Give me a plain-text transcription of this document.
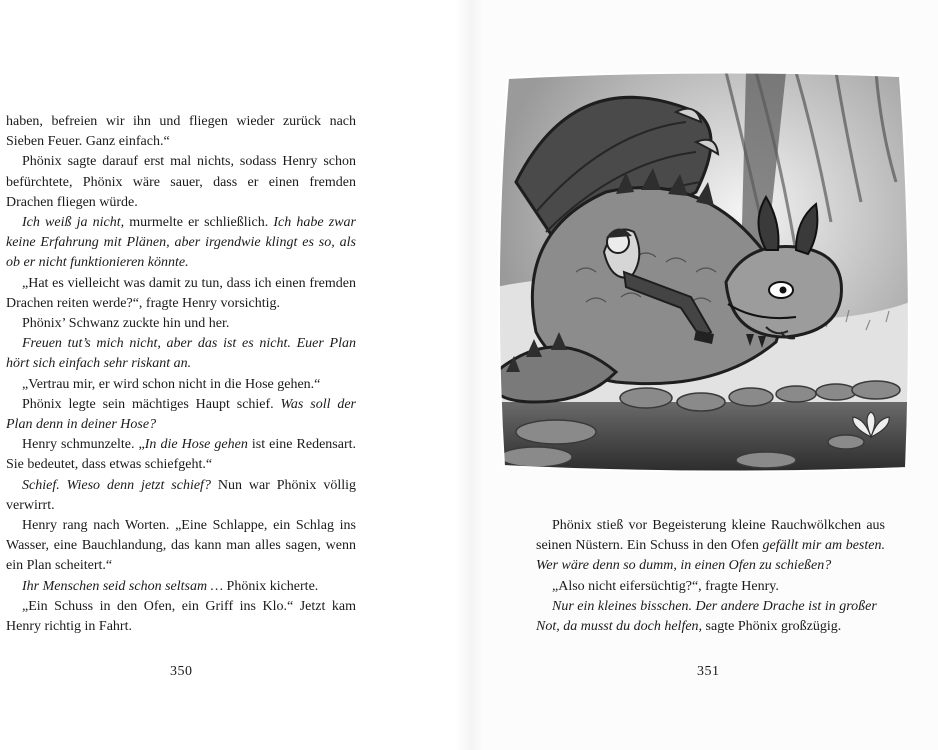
haben, befreien wir ihn und fliegen wieder zurück nach Sieben Feuer. Ganz einfach.“

Phönix sagte darauf erst mal nichts, sodass Henry schon befürchtete, Phönix wäre sauer, dass er einen fremden Drachen fliegen würde.

Ich weiß ja nicht, murmelte er schließlich. Ich habe zwar keine Erfahrung mit Plänen, aber irgendwie klingt es so, als ob er nicht funktionieren könnte.

„Hat es vielleicht was damit zu tun, dass ich einen fremden Drachen reiten werde?“, fragte Henry vorsichtig.

Phönix’ Schwanz zuckte hin und her.

Freuen tut’s mich nicht, aber das ist es nicht. Euer Plan hört sich einfach sehr riskant an.

„Vertrau mir, er wird schon nicht in die Hose gehen.“

Phönix legte sein mächtiges Haupt schief. Was soll der Plan denn in deiner Hose?

Henry schmunzelte. „In die Hose gehen ist eine Redensart. Sie bedeutet, dass etwas schiefgeht.“

Schief. Wieso denn jetzt schief? Nun war Phönix völlig verwirrt.

Henry rang nach Worten. „Eine Schlappe, ein Schlag ins Wasser, eine Bauchlandung, das kann man alles sagen, wenn ein Plan scheitert.“

Ihr Menschen seid schon seltsam … Phönix kicherte.

„Ein Schuss in den Ofen, ein Griff ins Klo.“ Jetzt kam Henry richtig in Fahrt.

350

Phönix stieß vor Begeisterung kleine Rauchwölkchen aus seinen Nüstern. Ein Schuss in den Ofen gefällt mir am besten. Wer wäre denn so dumm, in einen Ofen zu schießen?

„Also nicht eifersüchtig?“, fragte Henry.

Nur ein kleines bisschen. Der andere Drache ist in großer Not, da musst du doch helfen, sagte Phönix großzügig.

351
